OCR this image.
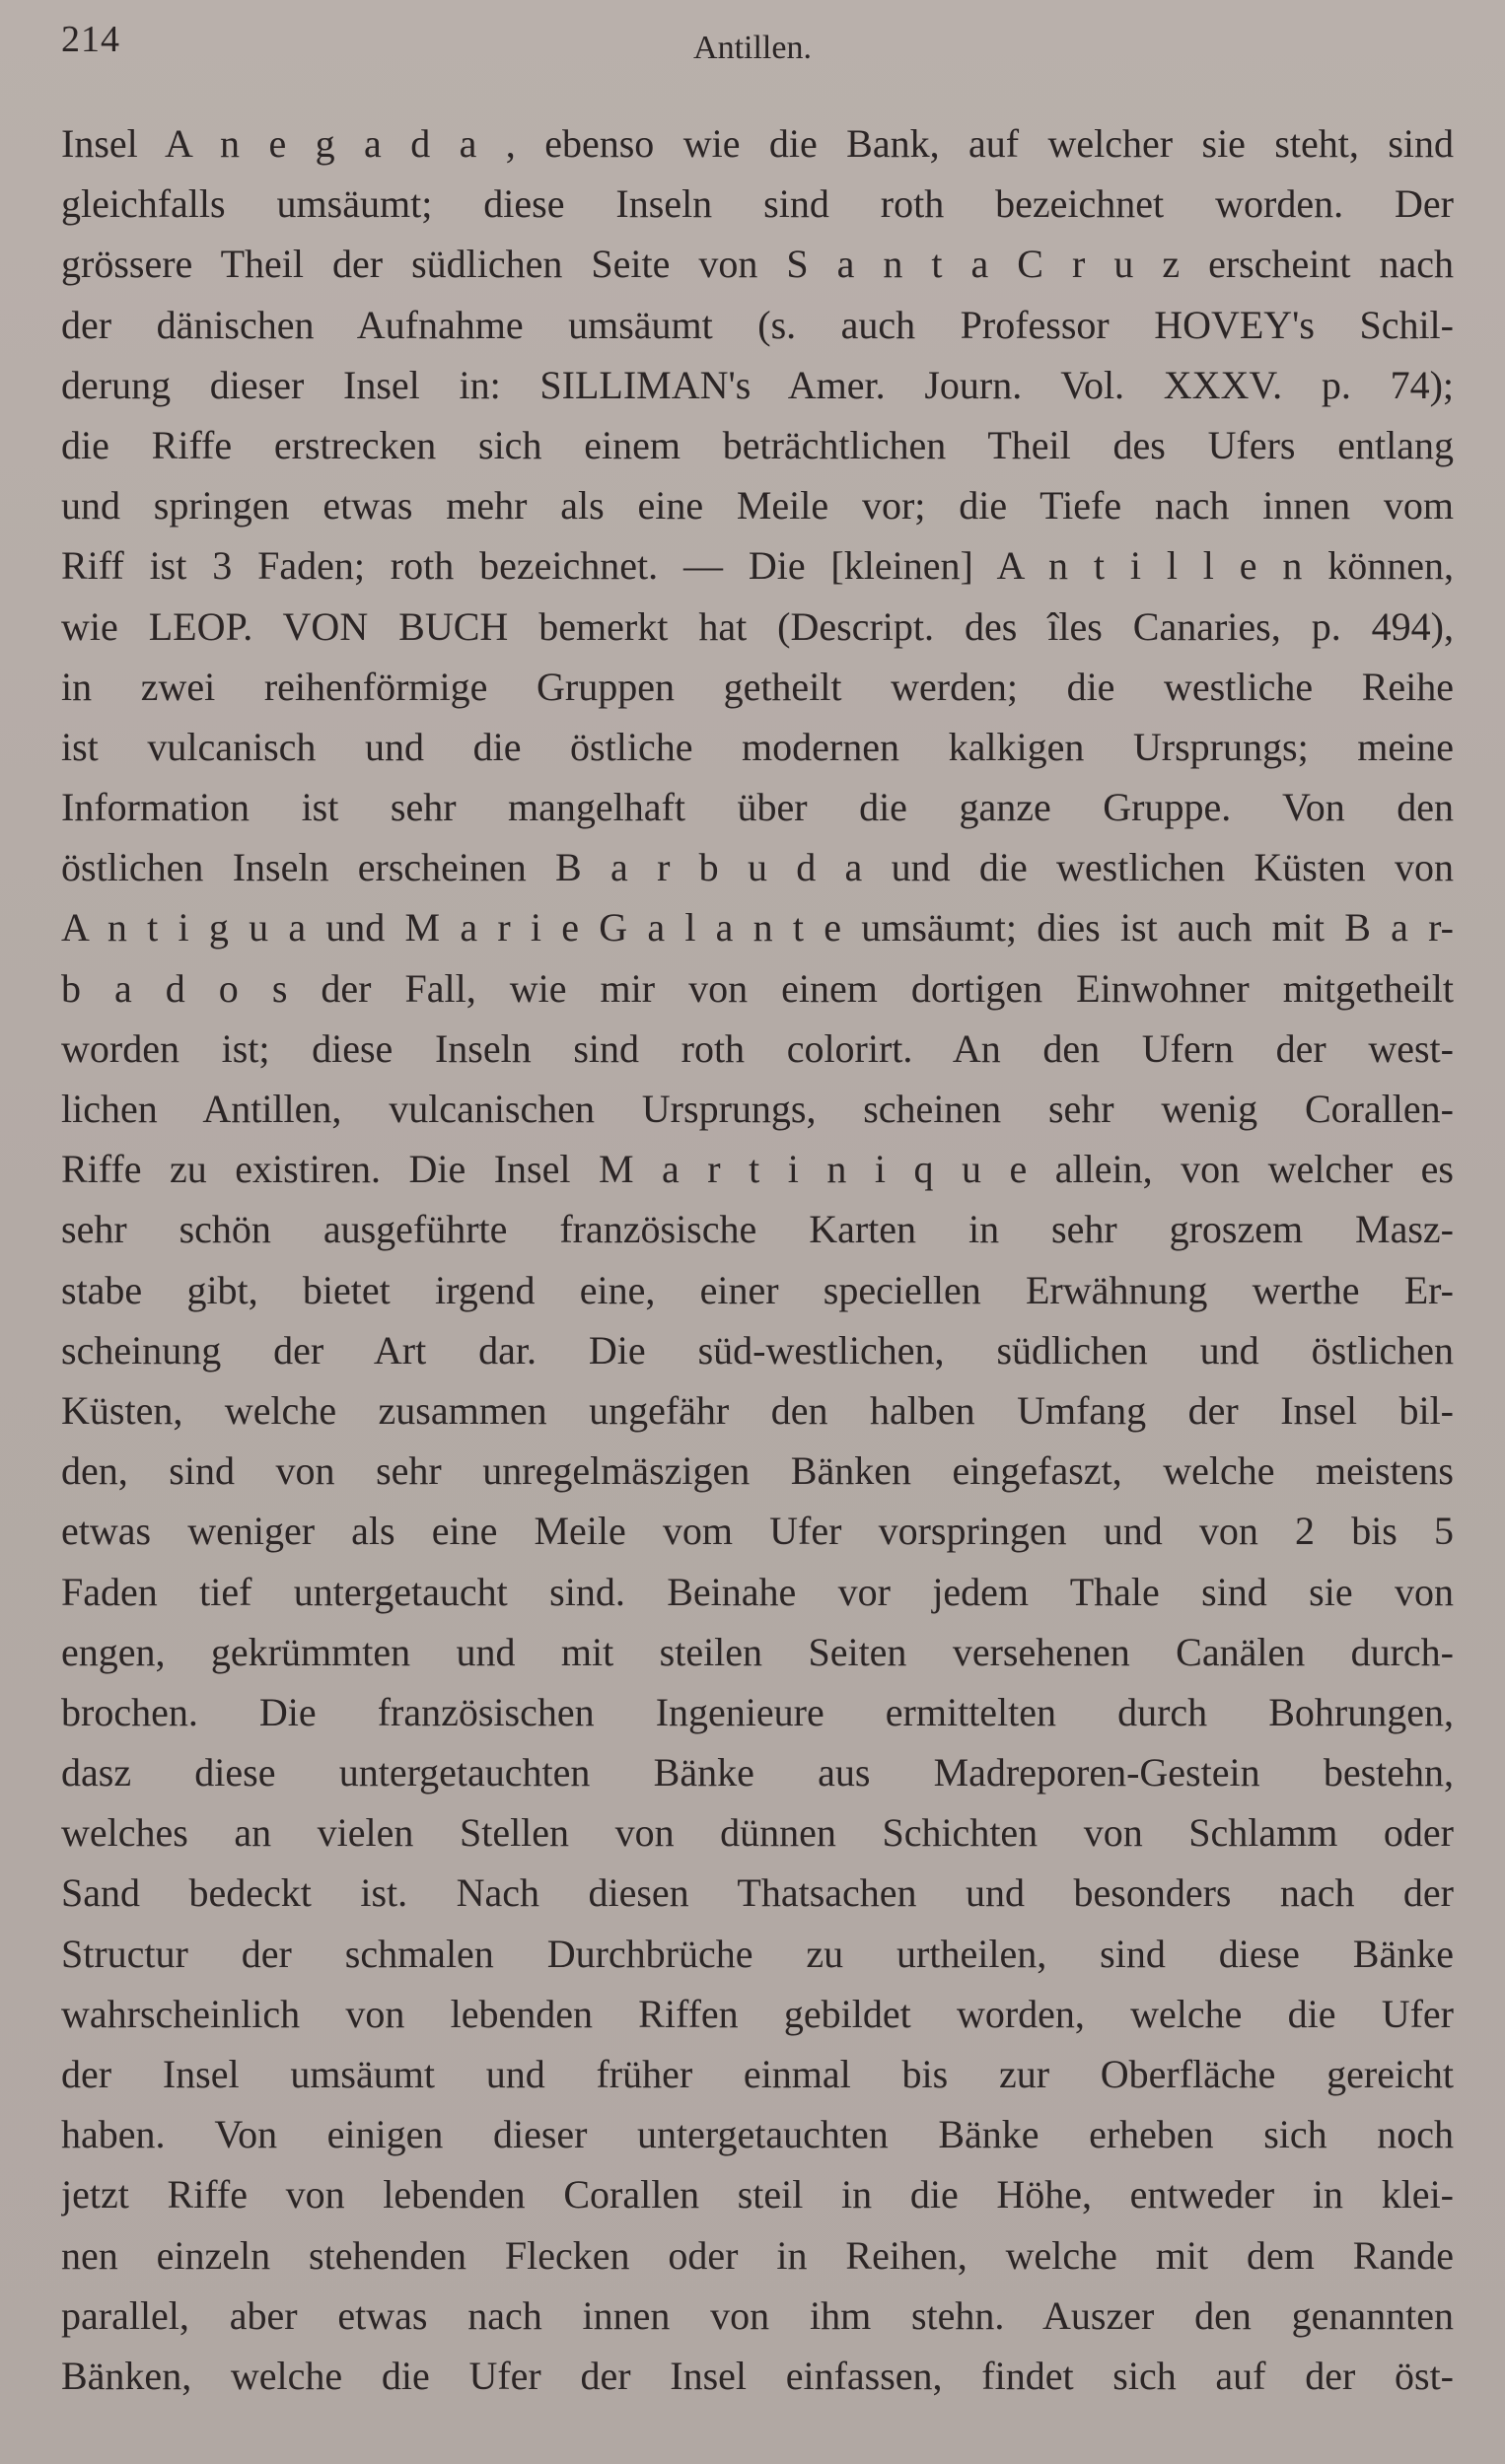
214	Antillen.
Insel A n e g a d a , ebenso wie die Bank, auf welcher sie steht, sind
gleichfalls umsäumt; diese Inseln sind roth bezeichnet worden. Der
grössere Theil der südlichen Seite von S a n t a C r u z erscheint nach
der dänischen Aufnahme umsäumt (s. auch Professor HOVEY's Schil-
derung dieser Insel in: SILLIMAN's Amer. Journ. Vol. XXXV. p. 74);
die Riffe erstrecken sich einem beträchtlichen Theil des Ufers entlang
und springen etwas mehr als eine Meile vor; die Tiefe nach innen vom
Riff ist 3 Faden; roth bezeichnet. — Die [kleinen] A n t i l l e n können,
wie LEOP. VON BUCH bemerkt hat (Descript. des îles Canaries, p. 494),
in zwei reihenförmige Gruppen getheilt werden; die westliche Reihe
ist vulcanisch und die östliche modernen kalkigen Ursprungs; meine
Information ist sehr mangelhaft über die ganze Gruppe. Von den
östlichen Inseln erscheinen B a r b u d a und die westlichen Küsten von
A n t i g u a und M a r i e G a l a n t e umsäumt; dies ist auch mit B a r-
b a d o s der Fall, wie mir von einem dortigen Einwohner mitgetheilt
worden ist; diese Inseln sind roth colorirt. An den Ufern der west-
lichen Antillen, vulcanischen Ursprungs, scheinen sehr wenig Corallen-
Riffe zu existiren. Die Insel M a r t i n i q u e allein, von welcher es
sehr schön ausgeführte französische Karten in sehr groszem Masz-
stabe gibt, bietet irgend eine, einer speciellen Erwähnung werthe Er-
scheinung der Art dar. Die süd-westlichen, südlichen und östlichen
Küsten, welche zusammen ungefähr den halben Umfang der Insel bil-
den, sind von sehr unregelmäszigen Bänken eingefaszt, welche meistens
etwas weniger als eine Meile vom Ufer vorspringen und von 2 bis 5
Faden tief untergetaucht sind. Beinahe vor jedem Thale sind sie von
engen, gekrümmten und mit steilen Seiten versehenen Canälen durch-
brochen. Die französischen Ingenieure ermittelten durch Bohrungen,
dasz diese untergetauchten Bänke aus Madreporen-Gestein bestehn,
welches an vielen Stellen von dünnen Schichten von Schlamm oder
Sand bedeckt ist. Nach diesen Thatsachen und besonders nach der
Structur der schmalen Durchbrüche zu urtheilen, sind diese Bänke
wahrscheinlich von lebenden Riffen gebildet worden, welche die Ufer
der Insel umsäumt und früher einmal bis zur Oberfläche gereicht
haben. Von einigen dieser untergetauchten Bänke erheben sich noch
jetzt Riffe von lebenden Corallen steil in die Höhe, entweder in klei-
nen einzeln stehenden Flecken oder in Reihen, welche mit dem Rande
parallel, aber etwas nach innen von ihm stehn. Auszer den genannten
Bänken, welche die Ufer der Insel einfassen, findet sich auf der öst-
